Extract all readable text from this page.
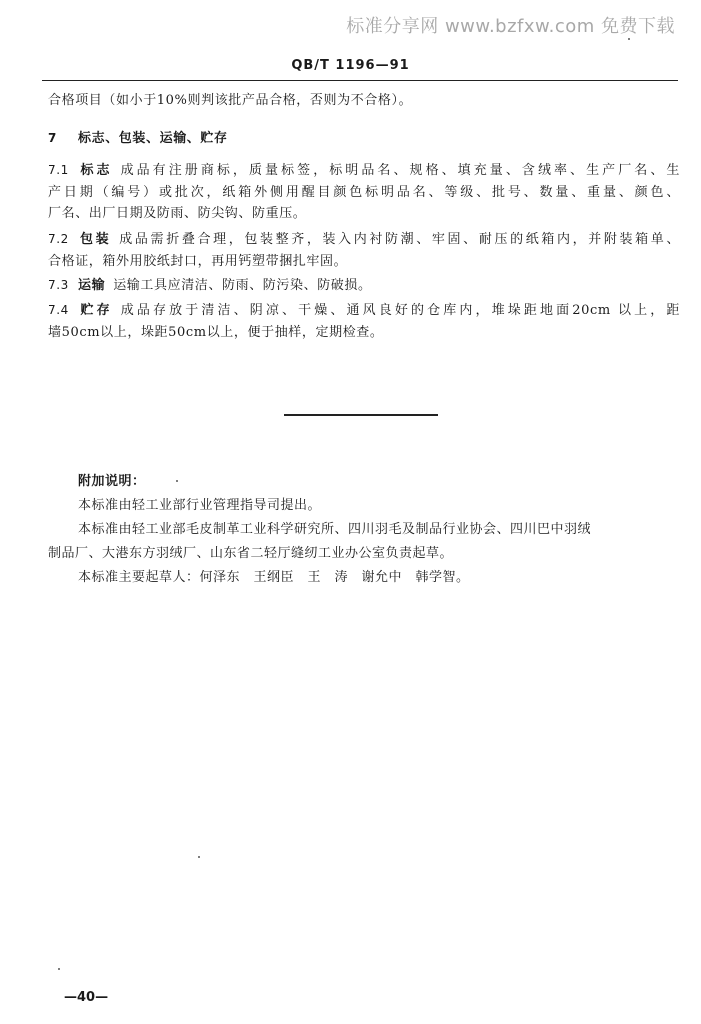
标准分享网 www.bzfxw.com 免费下载
QB/T 1196—91
合格项目（如小于10%则判该批产品合格，否则为不合格）。
7 标志、包装、运输、贮存
7.1 标志 成品有注册商标，质量标签，标明品名、规格、填充量、含绒率、生产厂名、生
产日期（编号）或批次，纸箱外侧用醒目颜色标明品名、等级、批号、数量、重量、颜色、
厂名、出厂日期及防雨、防尖钩、防重压。
7.2 包装 成品需折叠合理，包装整齐，装入内衬防潮、牢固、耐压的纸箱内，并附装箱单、
合格证，箱外用胶纸封口，再用钙塑带捆扎牢固。
7.3 运输 运输工具应清洁、防雨、防污染、防破损。
7.4 贮存 成品存放于清洁、阴凉、干燥、通风良好的仓库内，堆垛距地面20cm 以上，距
墙50cm以上，垛距50cm以上，便于抽样，定期检查。
附加说明：
本标准由轻工业部行业管理指导司提出。
本标准由轻工业部毛皮制革工业科学研究所、四川羽毛及制品行业协会、四川巴中羽绒
制品厂、大港东方羽绒厂、山东省二轻厅缝纫工业办公室负责起草。
本标准主要起草人：何泽东　王纲臣　王　涛　谢允中　韩学智。
—40—
